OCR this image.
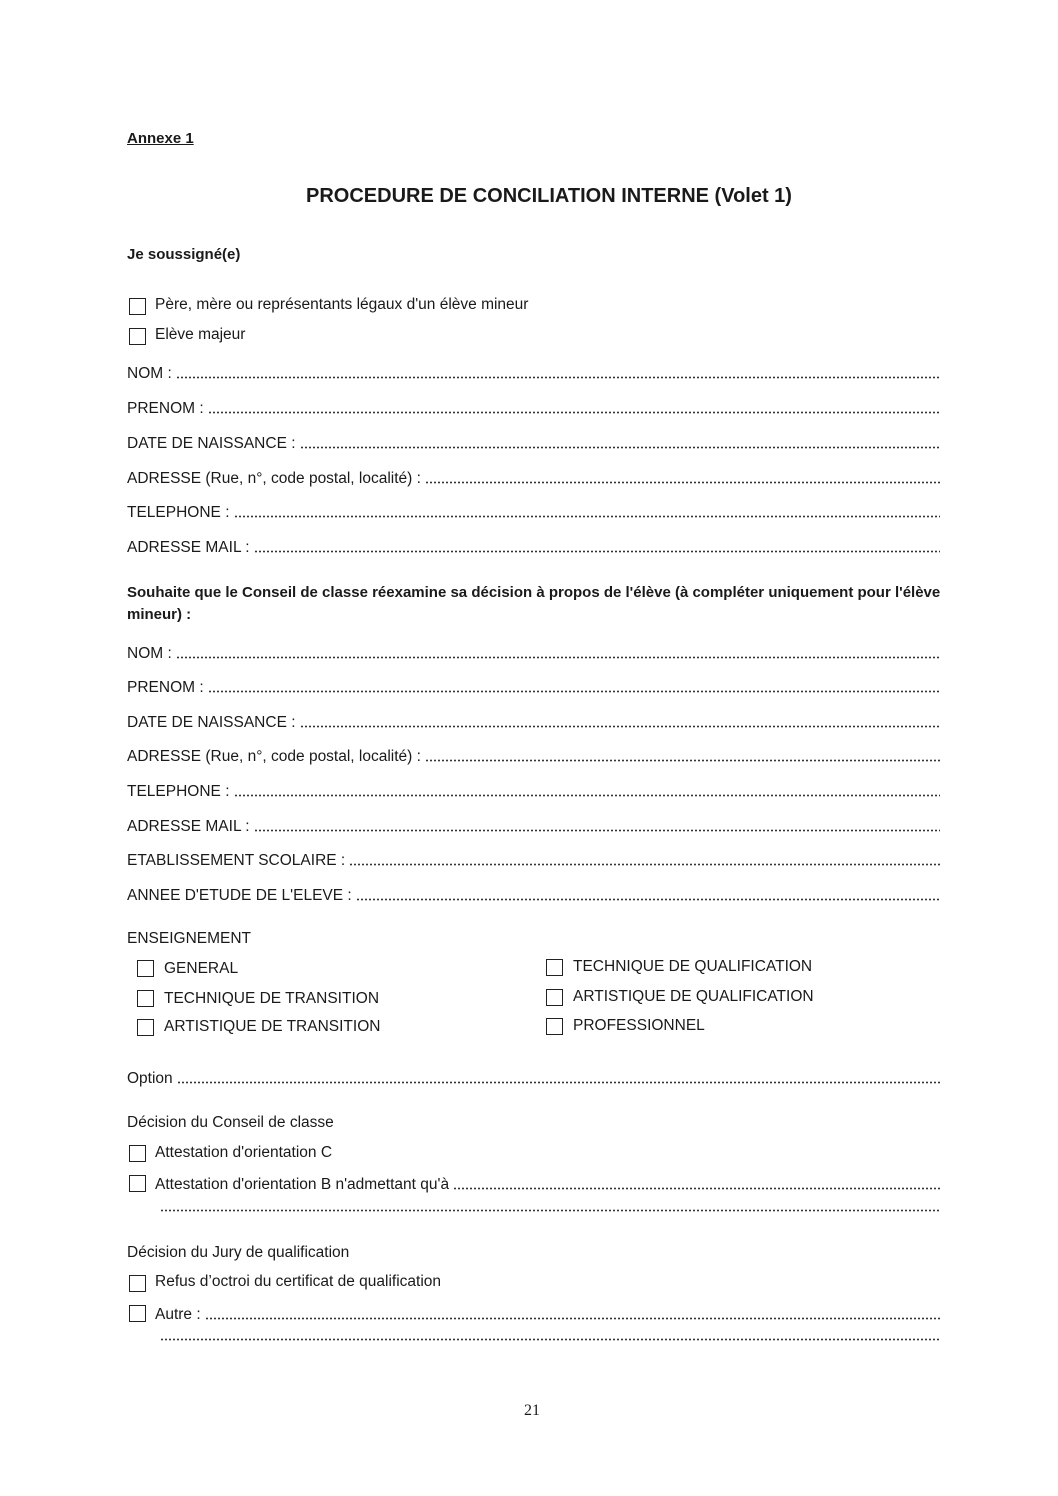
Annexe 1
PROCEDURE DE CONCILIATION INTERNE (Volet 1)
Je soussigné(e)
Père, mère ou représentants légaux d'un élève mineur
Elève majeur
NOM :
PRENOM :
DATE DE NAISSANCE :
ADRESSE (Rue, n°, code postal, localité) :
TELEPHONE :
ADRESSE MAIL :
Souhaite que le Conseil de classe réexamine sa décision à propos de l'élève (à compléter uniquement pour l'élève mineur) :
NOM :
PRENOM :
DATE DE NAISSANCE :
ADRESSE (Rue, n°, code postal, localité) :
TELEPHONE :
ADRESSE MAIL :
ETABLISSEMENT SCOLAIRE :
ANNEE D'ETUDE DE L'ELEVE :
ENSEIGNEMENT
GENERAL
TECHNIQUE DE TRANSITION
ARTISTIQUE DE TRANSITION
TECHNIQUE DE QUALIFICATION
ARTISTIQUE DE QUALIFICATION
PROFESSIONNEL
Option
Décision du Conseil de classe
Attestation d'orientation C
Attestation d'orientation B n'admettant qu'à
Décision du Jury de qualification
Refus d’octroi du certificat de qualification
Autre :
21
